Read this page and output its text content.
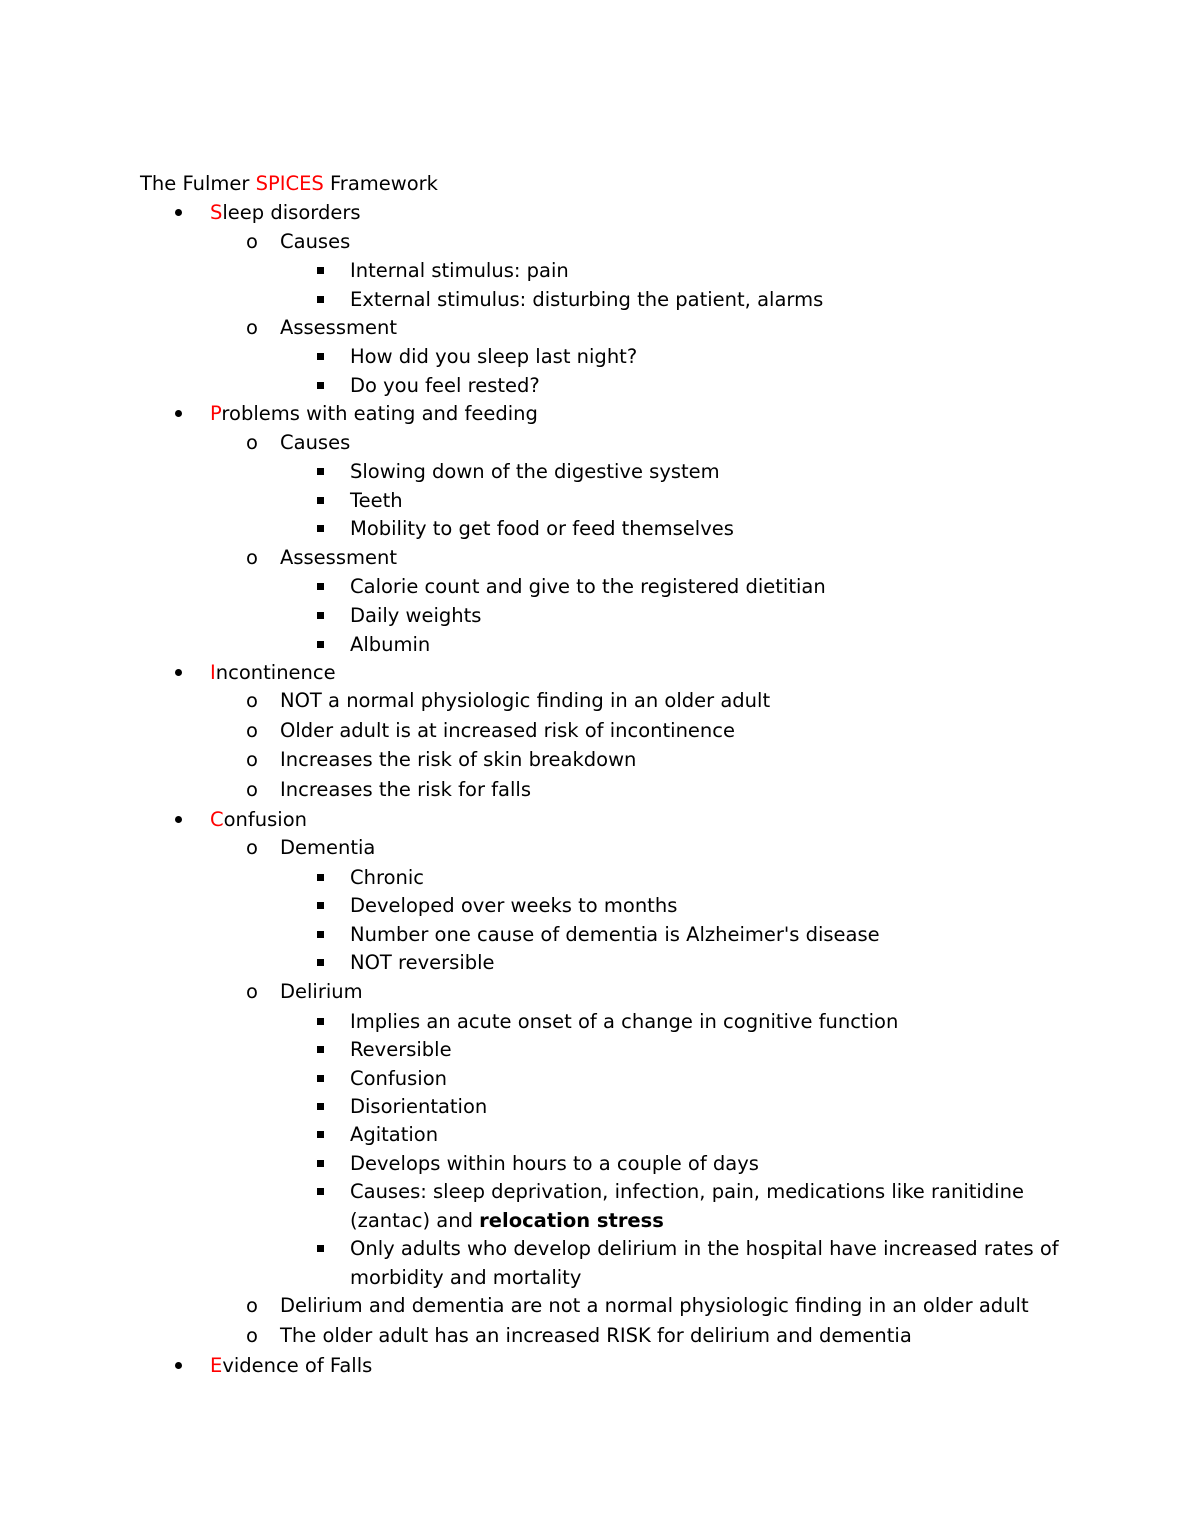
The Fulmer SPICES Framework
Sleep disorders
o Causes
Internal stimulus: pain
External stimulus: disturbing the patient, alarms
o Assessment
How did you sleep last night?
Do you feel rested?
Problems with eating and feeding
o Causes
Slowing down of the digestive system
Teeth
Mobility to get food or feed themselves
o Assessment
Calorie count and give to the registered dietitian
Daily weights
Albumin
Incontinence
o NOT a normal physiologic finding in an older adult
o Older adult is at increased risk of incontinence
o Increases the risk of skin breakdown
o Increases the risk for falls
Confusion
o Dementia
Chronic
Developed over weeks to months
Number one cause of dementia is Alzheimer's disease
NOT reversible
o Delirium
Implies an acute onset of a change in cognitive function
Reversible
Confusion
Disorientation
Agitation
Develops within hours to a couple of days
Causes: sleep deprivation, infection, pain, medications like ranitidine
(zantac) and relocation stress
Only adults who develop delirium in the hospital have increased rates of
morbidity and mortality
o Delirium and dementia are not a normal physiologic finding in an older adult
o The older adult has an increased RISK for delirium and dementia
Evidence of Falls
